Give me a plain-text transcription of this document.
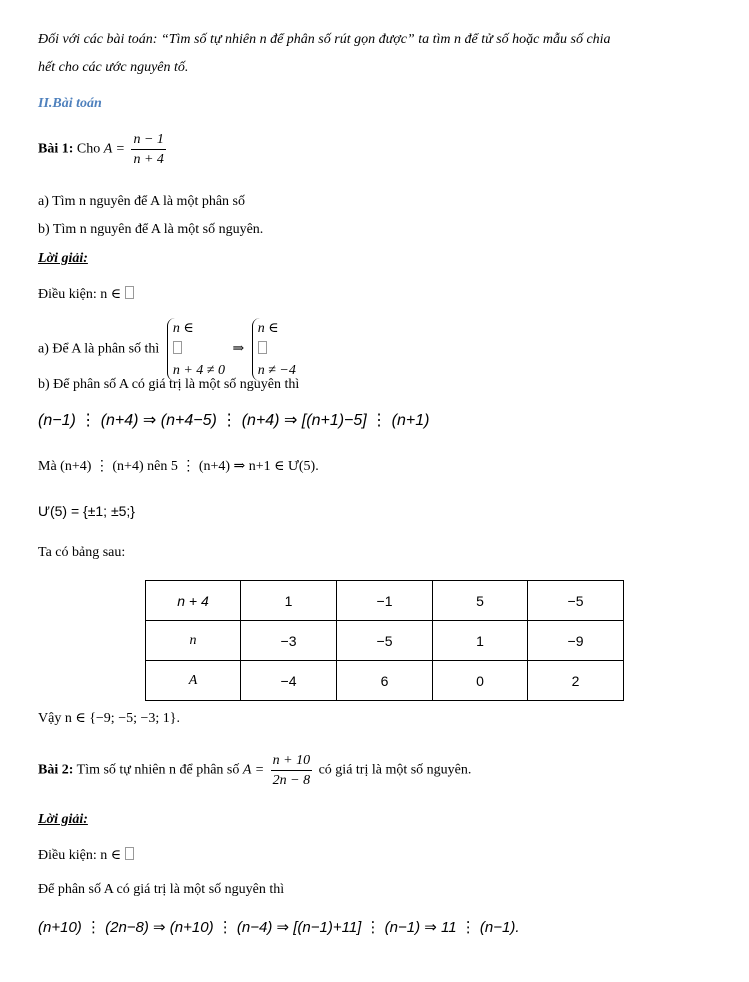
Đối với các bài toán: “Tìm số tự nhiên n để phân số rút gọn được” ta tìm n để tử số hoặc mẫu số chia
hết cho các ước nguyên tố.
II.Bài toán
Bài 1: Cho $A = \frac{n - 1}{n + 4}$
a) Tìm n nguyên để A là một phân số
b) Tìm n nguyên để A là một số nguyên.
Lời giải:
Điều kiện: n ∈
a) Để A là phân số thì
n ∈
n + 4 ≠ 0
⇒
n ∈
n ≠ −4
b) Để phân số A có giá trị là một số nguyên thì
(n−1) ⋮ (n+4) ⇒ (n+4−5) ⋮ (n+4) ⇒ [(n+1)−5] ⋮ (n+1)
Mà (n+4) ⋮ (n+4) nên 5 ⋮ (n+4) ⇒ n+1 ∈ Ư(5).
Ư(5) = {±1; ±5;}
Ta có bảng sau:
n + 4	1	−1	5	−5
n	−3	−5	1	−9
A	−4	6	0	2
Vậy n ∈ {−9; −5; −3; 1}.
Bài 2: Tìm số tự nhiên n để phân số $A = \frac{n + 10}{2n - 8}$ có giá trị là một số nguyên.
Lời giải:
Điều kiện: n ∈
Để phân số A có giá trị là một số nguyên thì
(n+10) ⋮ (2n−8) ⇒ (n+10) ⋮ (n−4) ⇒ [(n−1)+11] ⋮ (n−1) ⇒ 11 ⋮ (n−1).
